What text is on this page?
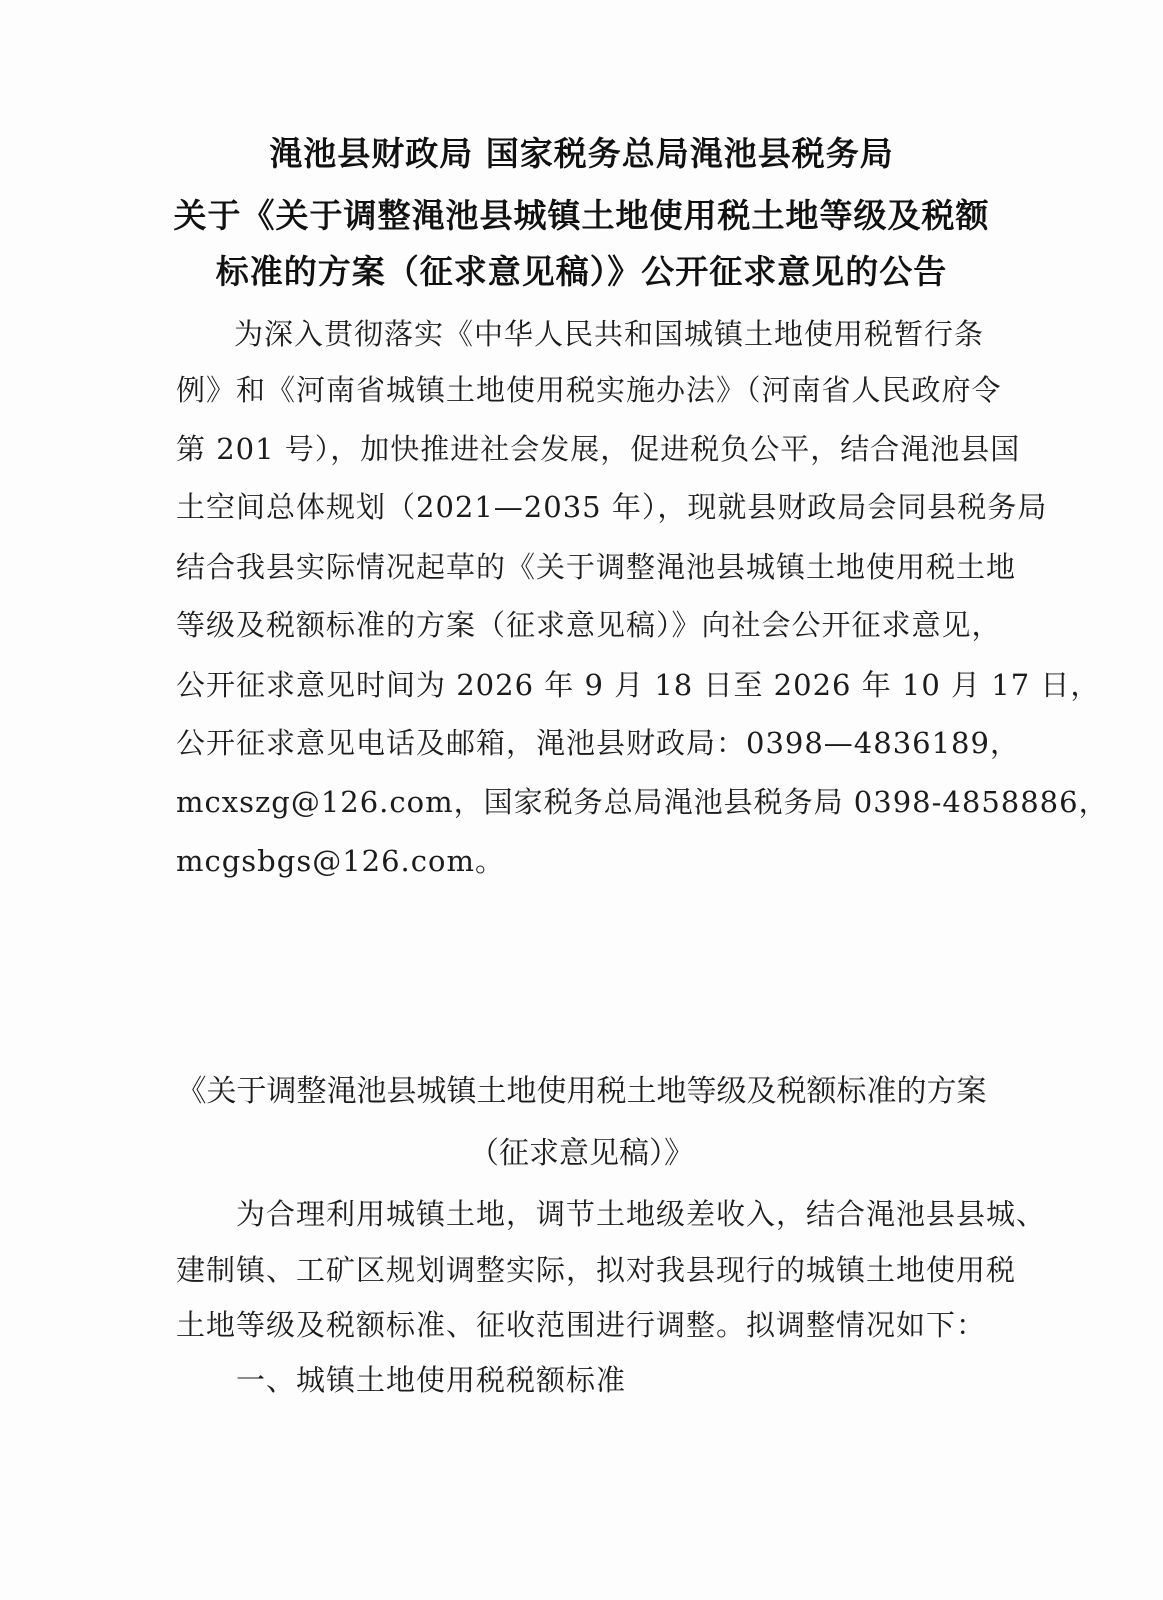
渑池县财政局 国家税务总局渑池县税务局
关于《关于调整渑池县城镇土地使用税土地等级及税额
标准的方案（征求意见稿）》公开征求意见的公告
为深入贯彻落实《中华人民共和国城镇土地使用税暂行条
例》和《河南省城镇土地使用税实施办法》（河南省人民政府令
第 201 号），加快推进社会发展，促进税负公平，结合渑池县国
土空间总体规划（2021—2035 年），现就县财政局会同县税务局
结合我县实际情况起草的《关于调整渑池县城镇土地使用税土地
等级及税额标准的方案（征求意见稿）》向社会公开征求意见，
公开征求意见时间为 2026 年 9 月 18 日至 2026 年 10 月 17 日，
公开征求意见电话及邮箱，渑池县财政局：0398—4836189，
mcxszg@126.com，国家税务总局渑池县税务局 0398-4858886，
mcgsbgs@126.com。
《关于调整渑池县城镇土地使用税土地等级及税额标准的方案
（征求意见稿）》
为合理利用城镇土地，调节土地级差收入，结合渑池县县城、
建制镇、工矿区规划调整实际，拟对我县现行的城镇土地使用税
土地等级及税额标准、征收范围进行调整。拟调整情况如下：
一、城镇土地使用税税额标准
